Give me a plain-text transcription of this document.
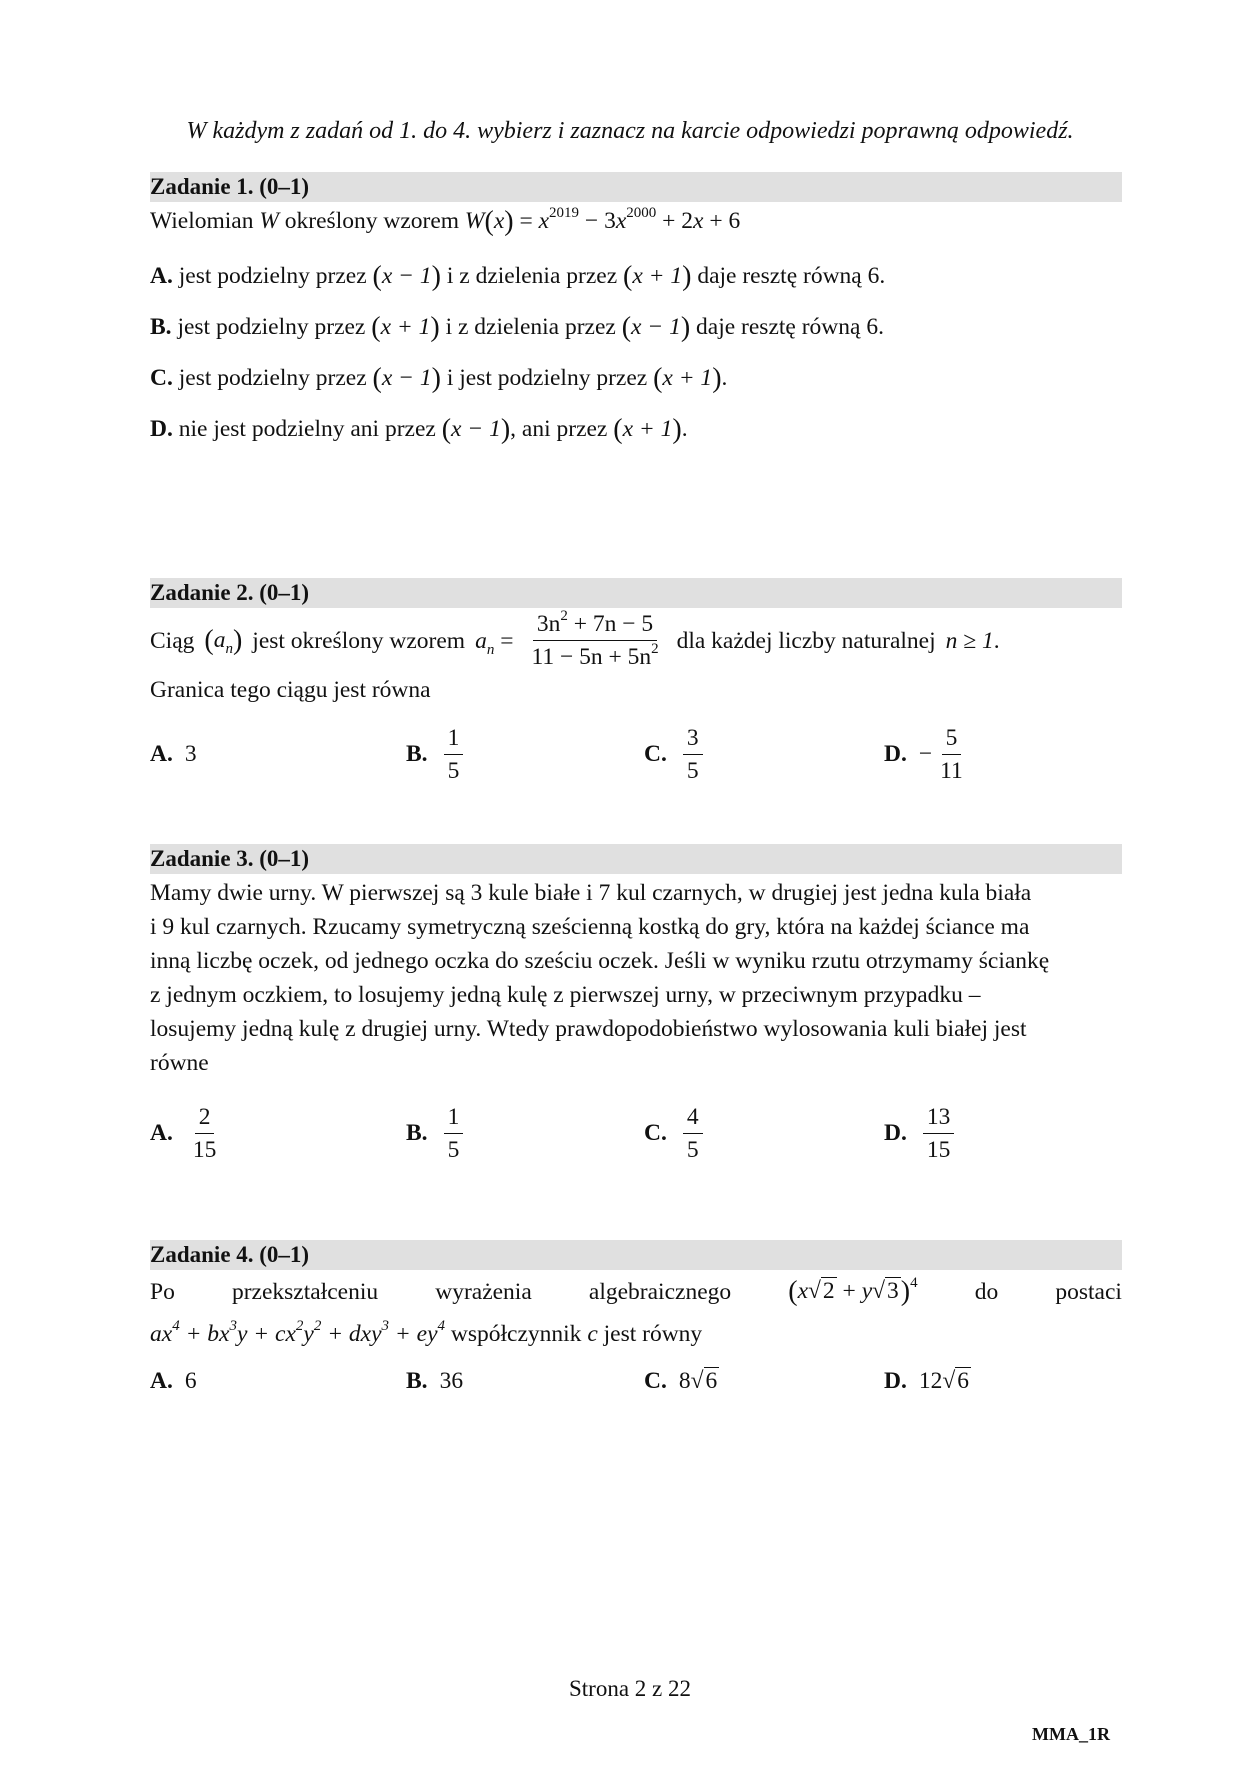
W każdym z zadań od 1. do 4. wybierz i zaznacz na karcie odpowiedzi poprawną odpowiedź.
Zadanie 1. (0–1)
Wielomian W określony wzorem $W(x) = x^{2019} - 3x^{2000} + 2x + 6$
A. jest podzielny przez (x − 1) i z dzielenia przez (x + 1) daje resztę równą 6.
B. jest podzielny przez (x + 1) i z dzielenia przez (x − 1) daje resztę równą 6.
C. jest podzielny przez (x − 1) i jest podzielny przez (x + 1).
D. nie jest podzielny ani przez (x − 1), ani przez (x + 1).
Zadanie 2. (0–1)
Ciąg $(a_n)$ jest określony wzorem $a_n = \frac{3n^2 + 7n - 5}{11 - 5n + 5n^2}$ dla każdej liczby naturalnej n ≥ 1.
Granica tego ciągu jest równa
A. 3	B. $\frac{1}{5}$	C. $\frac{3}{5}$	D. − $\frac{5}{11}$
Zadanie 3. (0–1)
Mamy dwie urny. W pierwszej są 3 kule białe i 7 kul czarnych, w drugiej jest jedna kula biała
i 9 kul czarnych. Rzucamy symetryczną sześcienną kostką do gry, która na każdej ściance ma
inną liczbę oczek, od jednego oczka do sześciu oczek. Jeśli w wyniku rzutu otrzymamy ściankę
z jednym oczkiem, to losujemy jedną kulę z pierwszej urny, w przeciwnym przypadku –
losujemy jedną kulę z drugiej urny. Wtedy prawdopodobieństwo wylosowania kuli białej jest
równe
A. $\frac{2}{15}$	B. $\frac{1}{5}$	C. $\frac{4}{5}$	D. $\frac{13}{15}$
Zadanie 4. (0–1)
Po przekształceniu wyrażenia algebraicznego $(x√2 + y√3)^4$ do postaci
$ax^4 + bx^3y + cx^2y^2 + dxy^3 + ey^4$ współczynnik c jest równy
A. 6	B. 36	C. 8 √6	D. 12 √6
Strona 2 z 22
MMA_1R
